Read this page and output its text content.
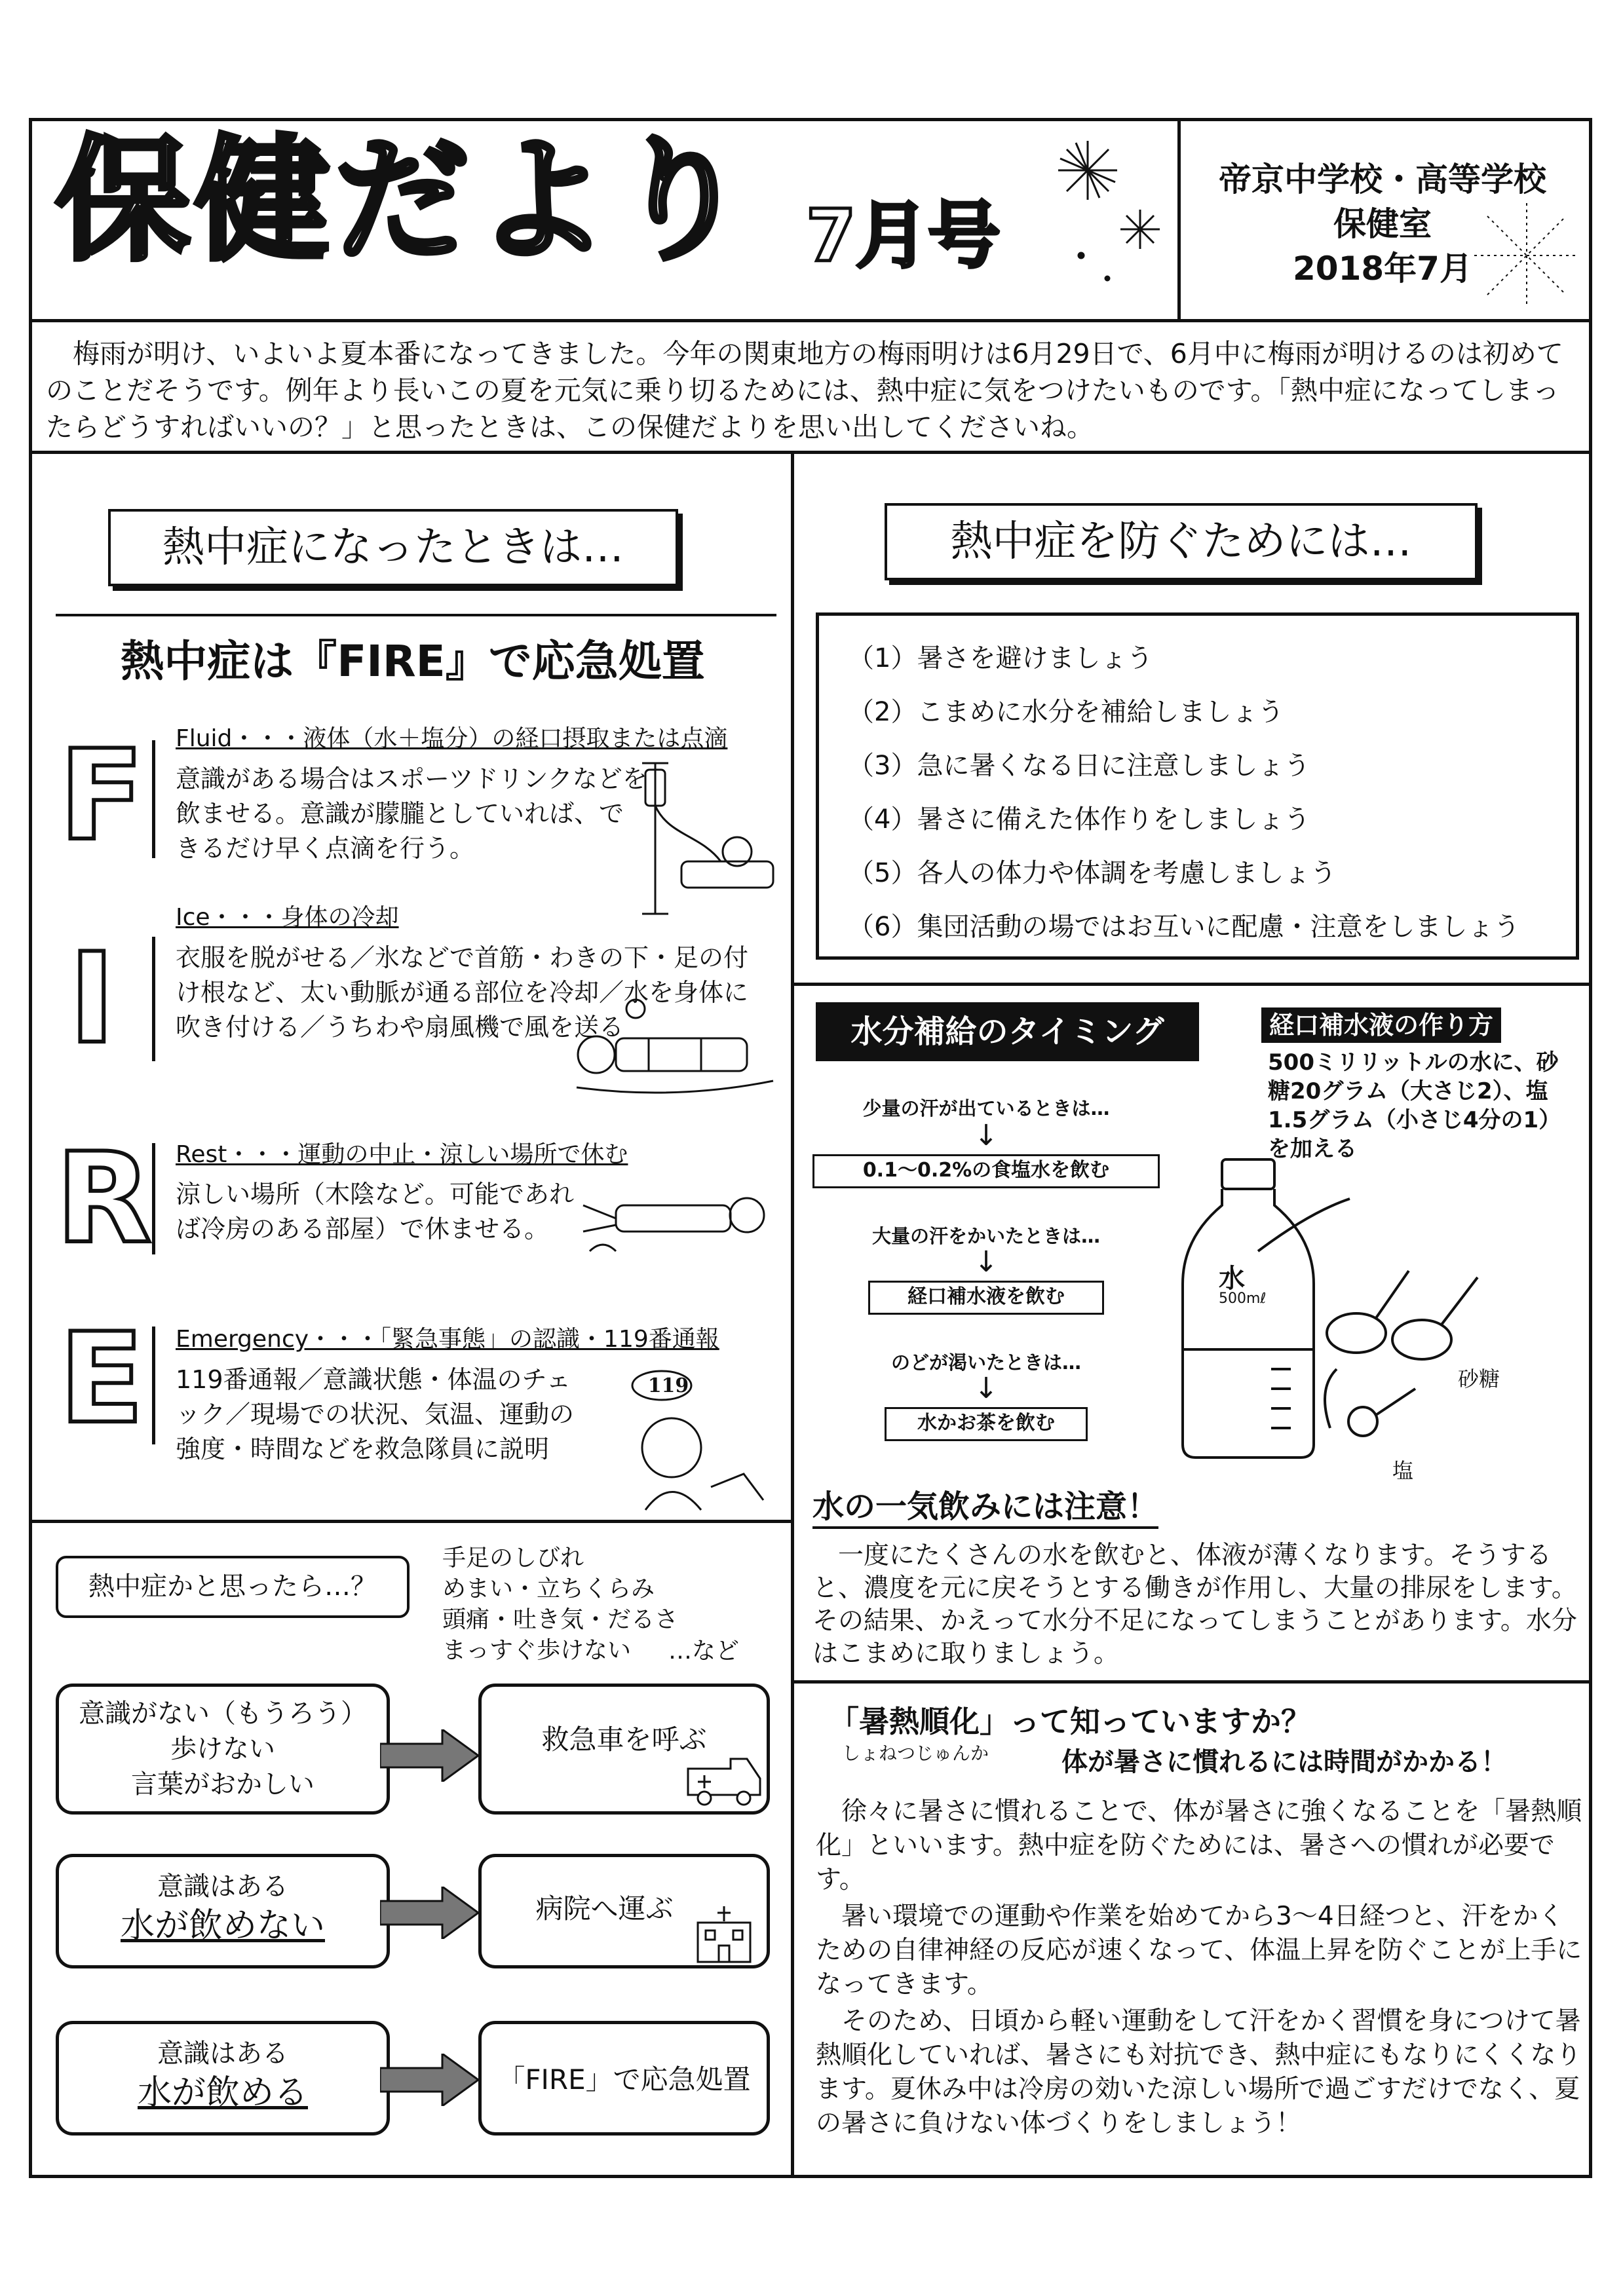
保健だより 7月号
帝京中学校・高等学校
保健室
2018年7月
梅雨が明け、いよいよ夏本番になってきました。今年の関東地方の梅雨明けは6月29日で、6月中に梅雨が明けるのは初めてのことだそうです。例年より長いこの夏を元気に乗り切るためには、熱中症に気をつけたいものです。「熱中症になってしまったらどうすればいいの？」と思ったときは、この保健だよりを思い出してくださいね。
熱中症になったときは…
熱中症は『FIRE』で応急処置
F Fluid・・・液体（水＋塩分）の経口摂取または点滴
意識がある場合はスポーツドリンクなどを飲ませる。意識が朦朧としていれば、できるだけ早く点滴を行う。
I
Ice・・・身体の冷却
衣服を脱がせる／氷などで首筋・わきの下・足の付け根など、太い動脈が通る部位を冷却／水を身体に吹き付ける／うちわや扇風機で風を送る
R Rest・・・運動の中止・涼しい場所で休む
涼しい場所（木陰など。可能であれば冷房のある部屋）で休ませる。
E Emergency・・・「緊急事態」の認識・119番通報
119番通報／意識状態・体温のチェック／現場での状況、気温、運動の強度・時間などを救急隊員に説明
119
熱中症かと思ったら…？
手足のしびれ
めまい・立ちくらみ
頭痛・吐き気・だるさ
まっすぐ歩けない	…など
意識がない（もうろう）
歩けない
言葉がおかしい
救急車を呼ぶ
意識はある
水が飲めない	病院へ運ぶ
意識はある
水が飲める	「FIRE」で応急処置
熱中症を防ぐためには…
（1）暑さを避けましょう
（2）こまめに水分を補給しましょう
（3）急に暑くなる日に注意しましょう
（4）暑さに備えた体作りをしましょう
（5）各人の体力や体調を考慮しましょう
（6）集団活動の場ではお互いに配慮・注意をしましょう
水分補給のタイミング	経口補水液の作り方
500ミリリットルの水に、砂糖20グラム（大さじ2）、塩1.5グラム（小さじ4分の1）を加える
少量の汗が出ているときは…
↓
0.1〜0.2%の食塩水を飲む
大量の汗をかいたときは…
↓
経口補水液を飲む
のどが渇いたときは…
↓
水かお茶を飲む
水
500mℓ
砂糖
塩
水の一気飲みには注意！
一度にたくさんの水を飲むと、体液が薄くなります。そうすると、濃度を元に戻そうとする働きが作用し、大量の排尿をします。その結果、かえって水分不足になってしまうことがあります。水分はこまめに取りましょう。
「暑熱順化」って知っていますか？
しょねつじゅんか	体が暑さに慣れるには時間がかかる！

徐々に暑さに慣れることで、体が暑さに強くなることを「暑熱順化」といいます。熱中症を防ぐためには、暑さへの慣れが必要です。

暑い環境での運動や作業を始めてから3〜4日経つと、汗をかくための自律神経の反応が速くなって、体温上昇を防ぐことが上手になってきます。

そのため、日頃から軽い運動をして汗をかく習慣を身につけて暑熱順化していれば、暑さにも対抗でき、熱中症にもなりにくくなります。夏休み中は冷房の効いた涼しい場所で過ごすだけでなく、夏の暑さに負けない体づくりをしましょう！
